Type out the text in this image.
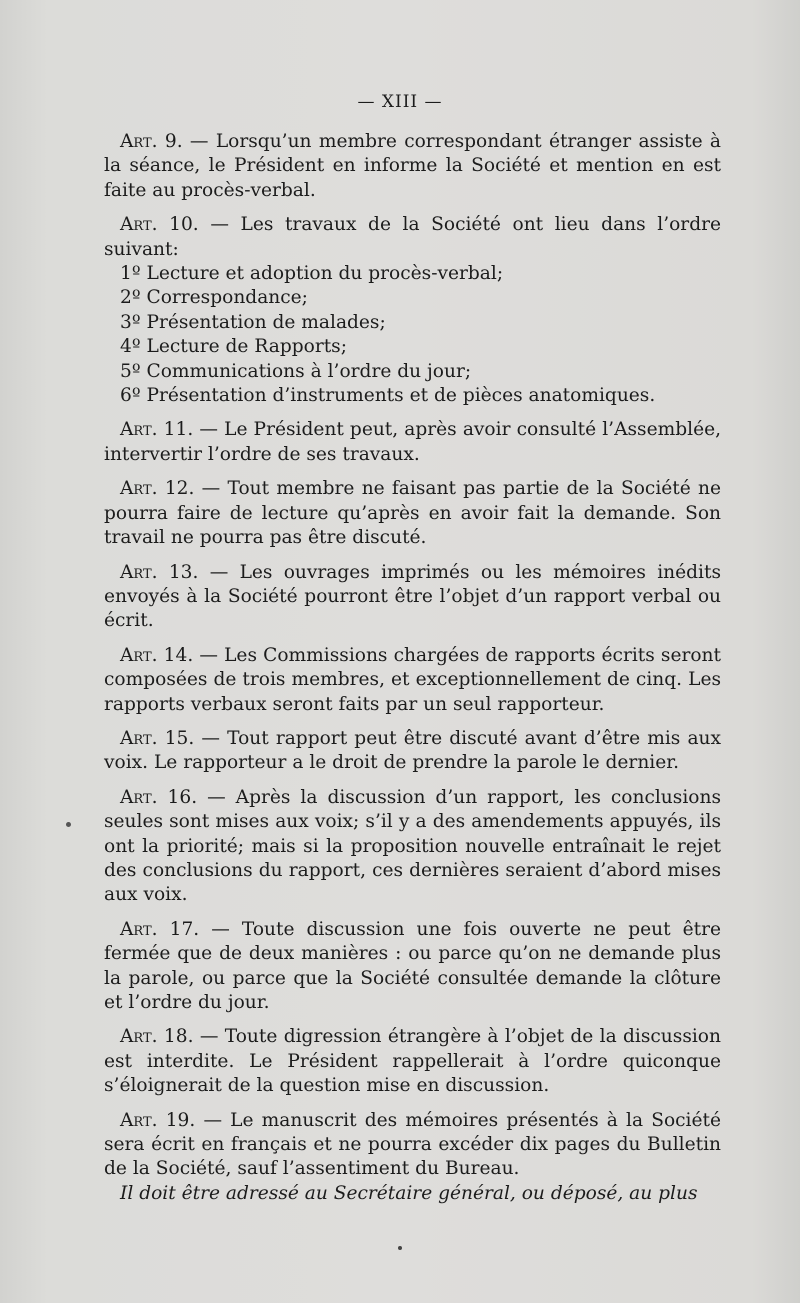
— XIII —

Art. 9. — Lorsqu’un membre correspondant étranger assiste à la séance, le Président en informe la Société et mention en est faite au procès-verbal.

Art. 10. — Les travaux de la Société ont lieu dans l’ordre suivant:

1º Lecture et adoption du procès-verbal;

2º Correspondance;

3º Présentation de malades;

4º Lecture de Rapports;

5º Communications à l’ordre du jour;

6º Présentation d’instruments et de pièces anatomiques.

Art. 11. — Le Président peut, après avoir consulté l’Assemblée, intervertir l’ordre de ses travaux.

Art. 12. — Tout membre ne faisant pas partie de la Société ne pourra faire de lecture qu’après en avoir fait la demande. Son travail ne pourra pas être discuté.

Art. 13. — Les ouvrages imprimés ou les mémoires inédits envoyés à la Société pourront être l’objet d’un rapport verbal ou écrit.

Art. 14. — Les Commissions chargées de rapports écrits seront composées de trois membres, et exceptionnellement de cinq. Les rapports verbaux seront faits par un seul rapporteur.

Art. 15. — Tout rapport peut être discuté avant d’être mis aux voix. Le rapporteur a le droit de prendre la parole le dernier.

Art. 16. — Après la discussion d’un rapport, les conclusions seules sont mises aux voix; s’il y a des amendements appuyés, ils ont la priorité; mais si la proposition nouvelle entraînait le rejet des conclusions du rapport, ces dernières seraient d’abord mises aux voix.

Art. 17. — Toute discussion une fois ouverte ne peut être fermée que de deux manières : ou parce qu’on ne demande plus la parole, ou parce que la Société consultée demande la clôture et l’ordre du jour.

Art. 18. — Toute digression étrangère à l’objet de la discussion est interdite. Le Président rappellerait à l’ordre quiconque s’éloignerait de la question mise en discussion.

Art. 19. — Le manuscrit des mémoires présentés à la Société sera écrit en français et ne pourra excéder dix pages du Bulletin de la Société, sauf l’assentiment du Bureau.

Il doit être adressé au Secrétaire général, ou déposé, au plus
